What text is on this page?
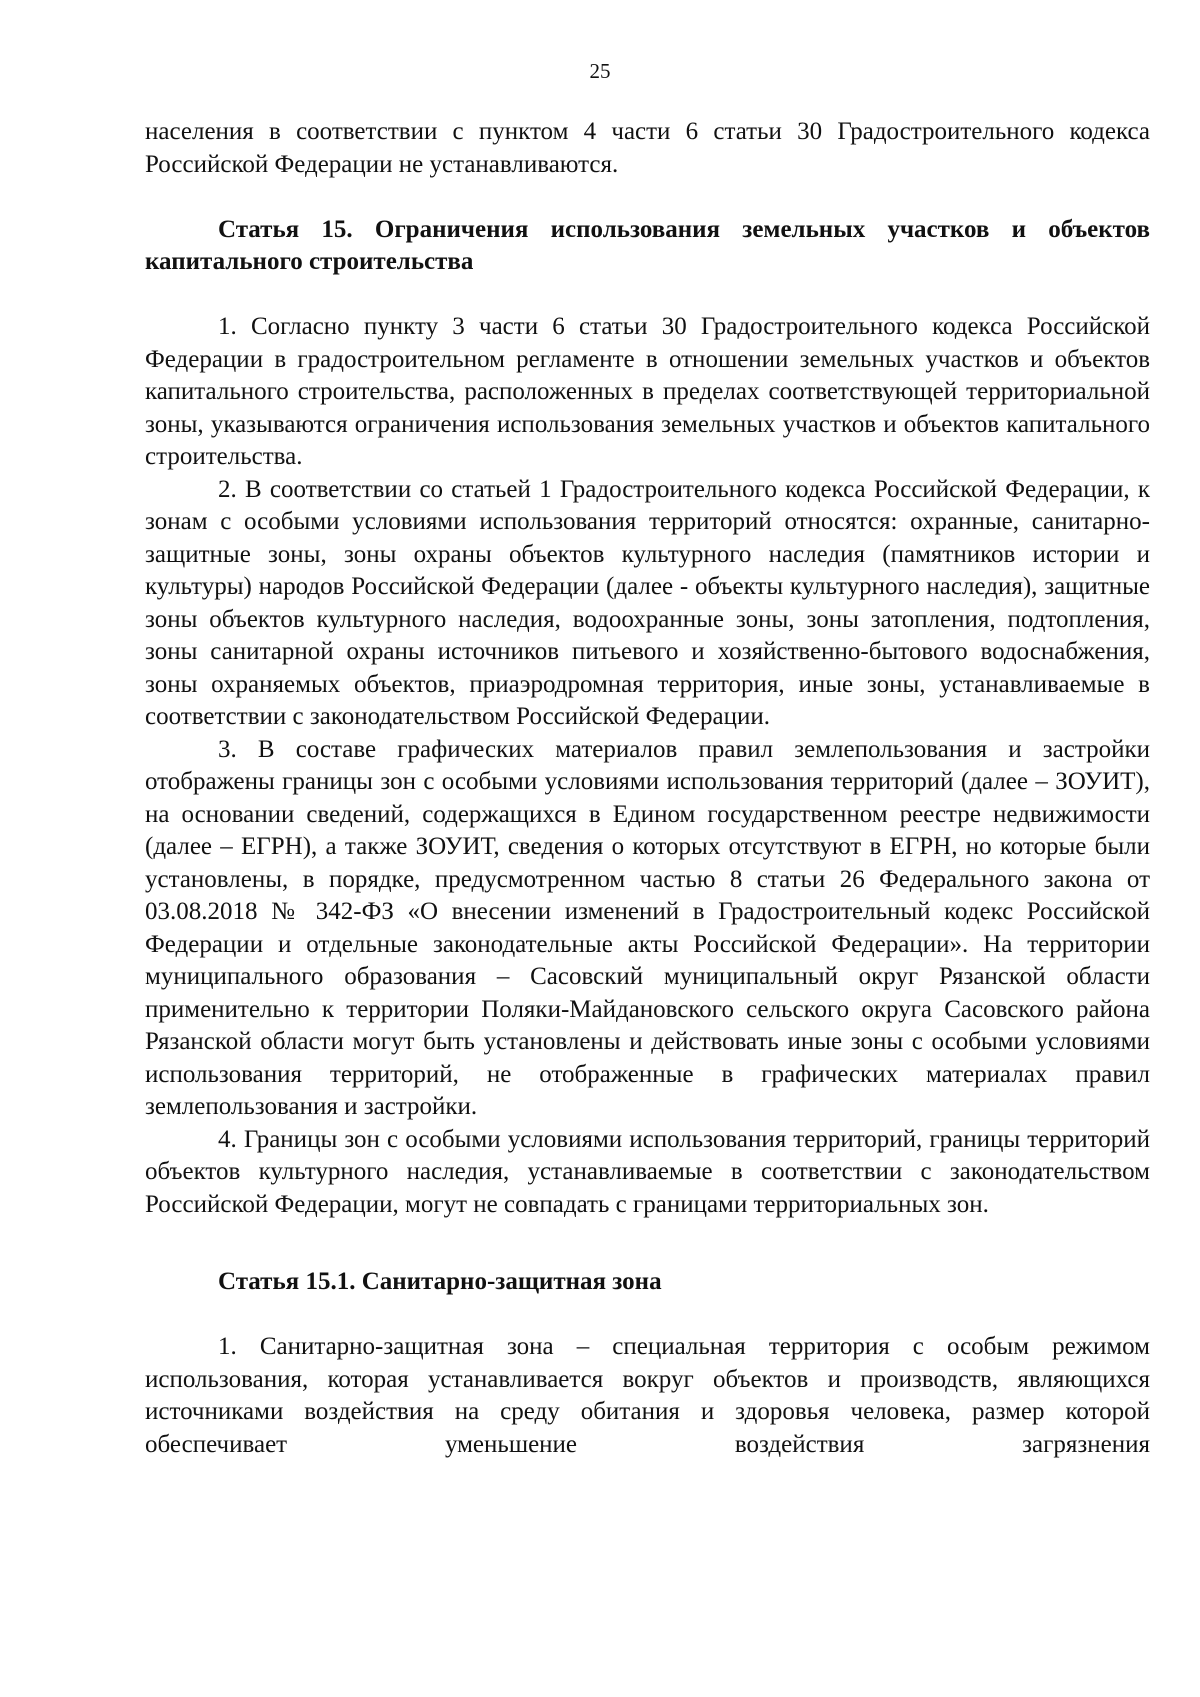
25

населения в соответствии с пунктом 4 части 6 статьи 30 Градостроительного кодекса Российской Федерации не устанавливаются.

Статья 15. Ограничения использования земельных участков и объектов капитального строительства

1. Согласно пункту 3 части 6 статьи 30 Градостроительного кодекса Российской Федерации в градостроительном регламенте в отношении земельных участков и объектов капитального строительства, расположенных в пределах соответствующей территориальной зоны, указываются ограничения использования земельных участков и объектов капитального строительства.

2. В соответствии со статьей 1 Градостроительного кодекса Российской Федерации, к зонам с особыми условиями использования территорий относятся: охранные, санитарно-защитные зоны, зоны охраны объектов культурного наследия (памятников истории и культуры) народов Российской Федерации (далее - объекты культурного наследия), защитные зоны объектов культурного наследия, водоохранные зоны, зоны затопления, подтопления, зоны санитарной охраны источников питьевого и хозяйственно-бытового водоснабжения, зоны охраняемых объектов, приаэродромная территория, иные зоны, устанавливаемые в соответствии с законодательством Российской Федерации.

3. В составе графических материалов правил землепользования и застройки отображены границы зон с особыми условиями использования территорий (далее – ЗОУИТ), на основании сведений, содержащихся в Едином государственном реестре недвижимости (далее – ЕГРН), а также ЗОУИТ, сведения о которых отсутствуют в ЕГРН, но которые были установлены, в порядке, предусмотренном частью 8 статьи 26 Федерального закона от 03.08.2018 № 342-ФЗ «О внесении изменений в Градостроительный кодекс Российской Федерации и отдельные законодательные акты Российской Федерации». На территории муниципального образования – Сасовский муниципальный округ Рязанской области применительно к территории Поляки-Майдановского сельского округа Сасовского района Рязанской области могут быть установлены и действовать иные зоны с особыми условиями использования территорий, не отображенные в графических материалах правил землепользования и застройки.

4. Границы зон с особыми условиями использования территорий, границы территорий объектов культурного наследия, устанавливаемые в соответствии с законодательством Российской Федерации, могут не совпадать с границами территориальных зон.

Статья 15.1. Санитарно-защитная зона

1. Санитарно-защитная зона – специальная территория с особым режимом использования, которая устанавливается вокруг объектов и производств, являющихся источниками воздействия на среду обитания и здоровья человека, размер которой обеспечивает уменьшение воздействия загрязнения
